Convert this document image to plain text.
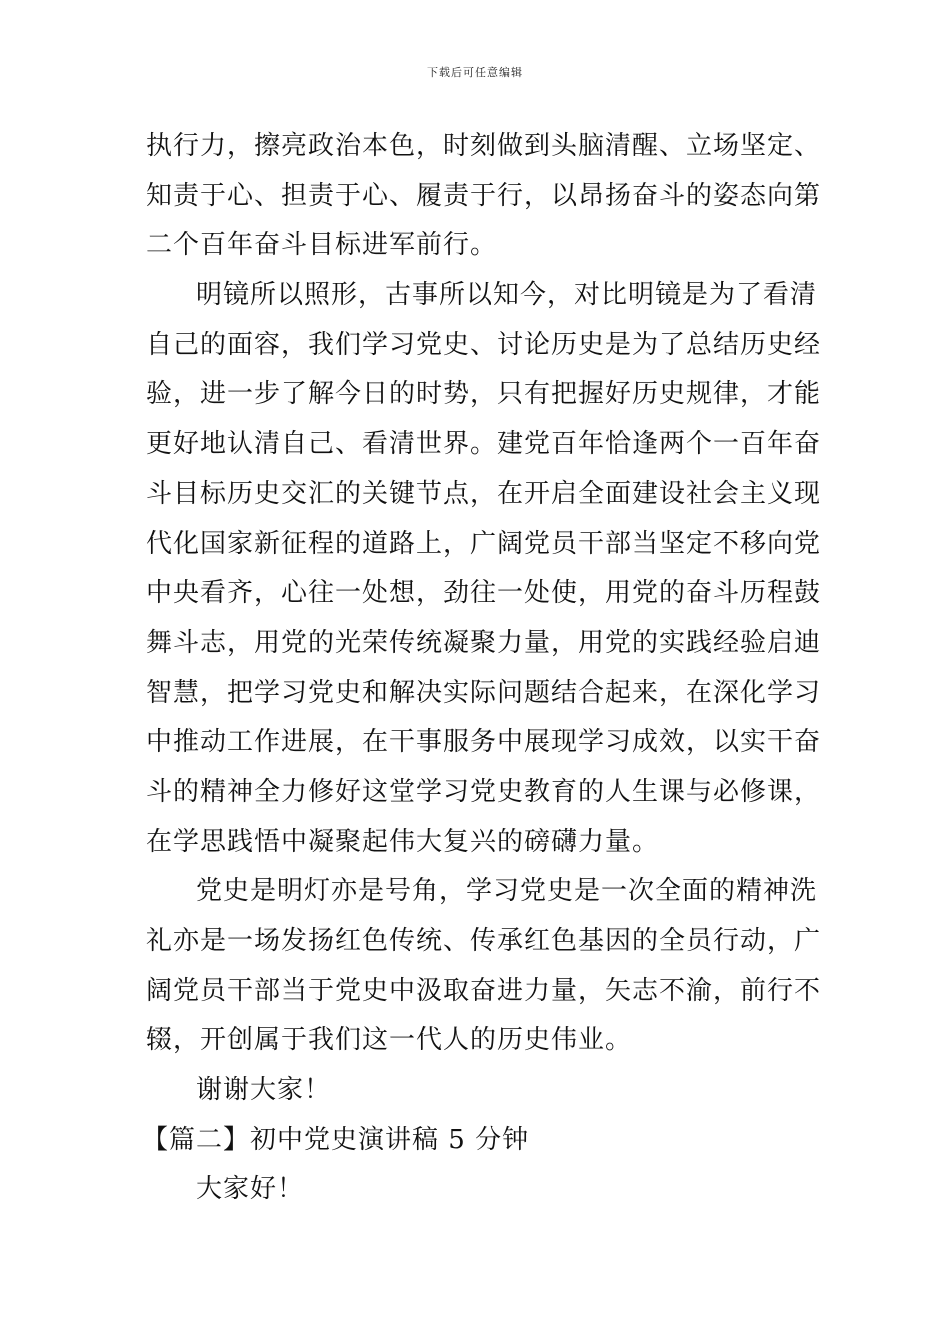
下载后可任意编辑
执行力，擦亮政治本色，时刻做到头脑清醒、立场坚定、
知责于心、担责于心、履责于行，以昂扬奋斗的姿态向第
二个百年奋斗目标进军前行。
明镜所以照形，古事所以知今，对比明镜是为了看清
自己的面容，我们学习党史、讨论历史是为了总结历史经
验，进一步了解今日的时势，只有把握好历史规律，才能
更好地认清自己、看清世界。建党百年恰逢两个一百年奋
斗目标历史交汇的关键节点，在开启全面建设社会主义现
代化国家新征程的道路上，广阔党员干部当坚定不移向党
中央看齐，心往一处想，劲往一处使，用党的奋斗历程鼓
舞斗志，用党的光荣传统凝聚力量，用党的实践经验启迪
智慧，把学习党史和解决实际问题结合起来，在深化学习
中推动工作进展，在干事服务中展现学习成效，以实干奋
斗的精神全力修好这堂学习党史教育的人生课与必修课，
在学思践悟中凝聚起伟大复兴的磅礴力量。
党史是明灯亦是号角，学习党史是一次全面的精神洗
礼亦是一场发扬红色传统、传承红色基因的全员行动，广
阔党员干部当于党史中汲取奋进力量，矢志不渝，前行不
辍，开创属于我们这一代人的历史伟业。
谢谢大家！
【篇二】初中党史演讲稿 5 分钟
大家好！
